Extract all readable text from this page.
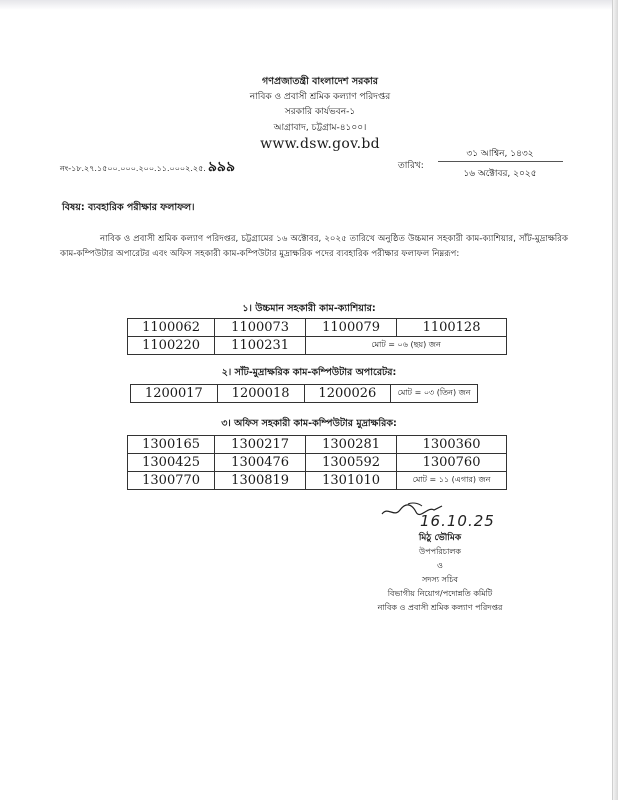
গণপ্রজাতন্ত্রী বাংলাদেশ সরকার
নাবিক ও প্রবাসী শ্রমিক কল্যাণ পরিদপ্তর
সরকারি কার্যভবন-১
আগ্রাবাদ, চট্টগ্রাম-৪১০০।
www.dsw.gov.bd
নং-১৮.২৭.১৫০০.০০০.২০০.১১.০০০২.২৫. ৯৯৯	তারিখ:
৩১ আশ্বিন, ১৪৩২
১৬ অক্টোবর, ২০২৫
বিষয়: ব্যবহারিক পরীক্ষার ফলাফল।
নাবিক ও প্রবাসী শ্রমিক কল্যাণ পরিদপ্তর, চট্টগ্রামের ১৬ অক্টোবর, ২০২৫ তারিখে অনুষ্ঠিত উচ্চমান সহকারী কাম-ক্যাশিয়ার, সাঁট-মুদ্রাক্ষরিক কাম-কম্পিউটার অপারেটর এবং অফিস সহকারী কাম-কম্পিউটার মুদ্রাক্ষরিক পদের ব্যবহারিক পরীক্ষার ফলাফল নিম্নরূপ:
১। উচ্চমান সহকারী কাম-ক্যাশিয়ার:
1100062	1100073	1100079	1100128
1100220	1100231	মোট = ০৬ (ছয়) জন	
২। সাঁট-মুদ্রাক্ষরিক কাম-কম্পিউটার অপারেটর:
1200017	1200018	1200026	মোট = ০৩ (তিন) জন
৩। অফিস সহকারী কাম-কম্পিউটার মুদ্রাক্ষরিক:
1300165	1300217	1300281	1300360
1300425	1300476	1300592	1300760
1300770	1300819	1301010	মোট = ১১ (এগার) জন
16.10.25
মিঠু ভৌমিক
উপপরিচালক
ও
সদস্য সচিব
বিভাগীয় নিয়োগ/পদোন্নতি কমিটি
নাবিক ও প্রবাসী শ্রমিক কল্যাণ পরিদপ্তর
